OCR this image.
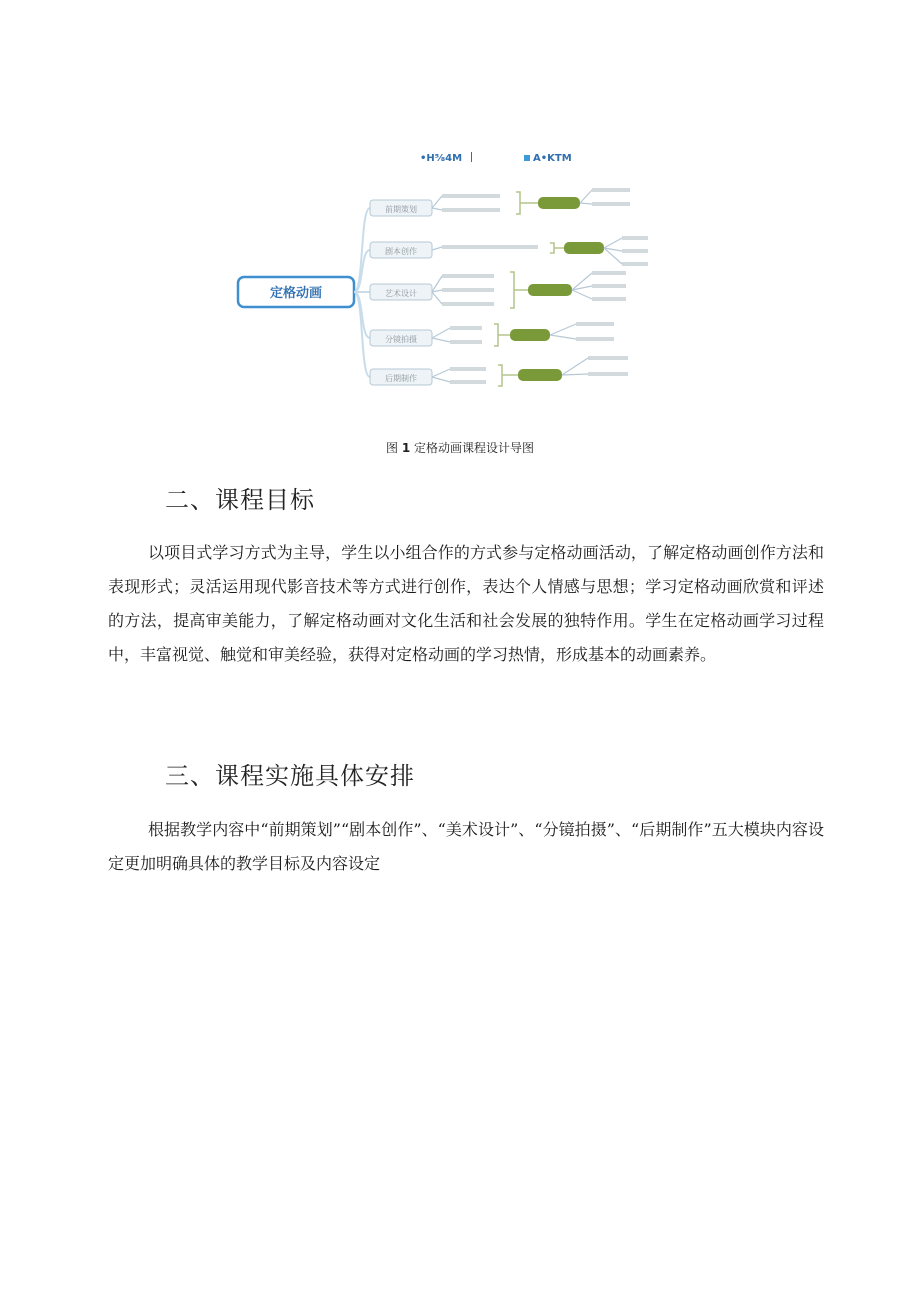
•H⅝4M	A•KTM
定格动画
前期策划
剧本创作
艺术设计
分镜拍摄
后期制作
图 1 定格动画课程设计导图
二、课程目标

以项目式学习方式为主导，学生以小组合作的方式参与定格动画活动，了解定格动画创作方法和表现形式；灵活运用现代影音技术等方式进行创作，表达个人情感与思想；学习定格动画欣赏和评述的方法，提高审美能力，了解定格动画对文化生活和社会发展的独特作用。学生在定格动画学习过程中，丰富视觉、触觉和审美经验，获得对定格动画的学习热情，形成基本的动画素养。

三、课程实施具体安排

根据教学内容中“前期策划”“剧本创作”、“美术设计”、“分镜拍摄”、“后期制作”五大模块内容设定更加明确具体的教学目标及内容设定
